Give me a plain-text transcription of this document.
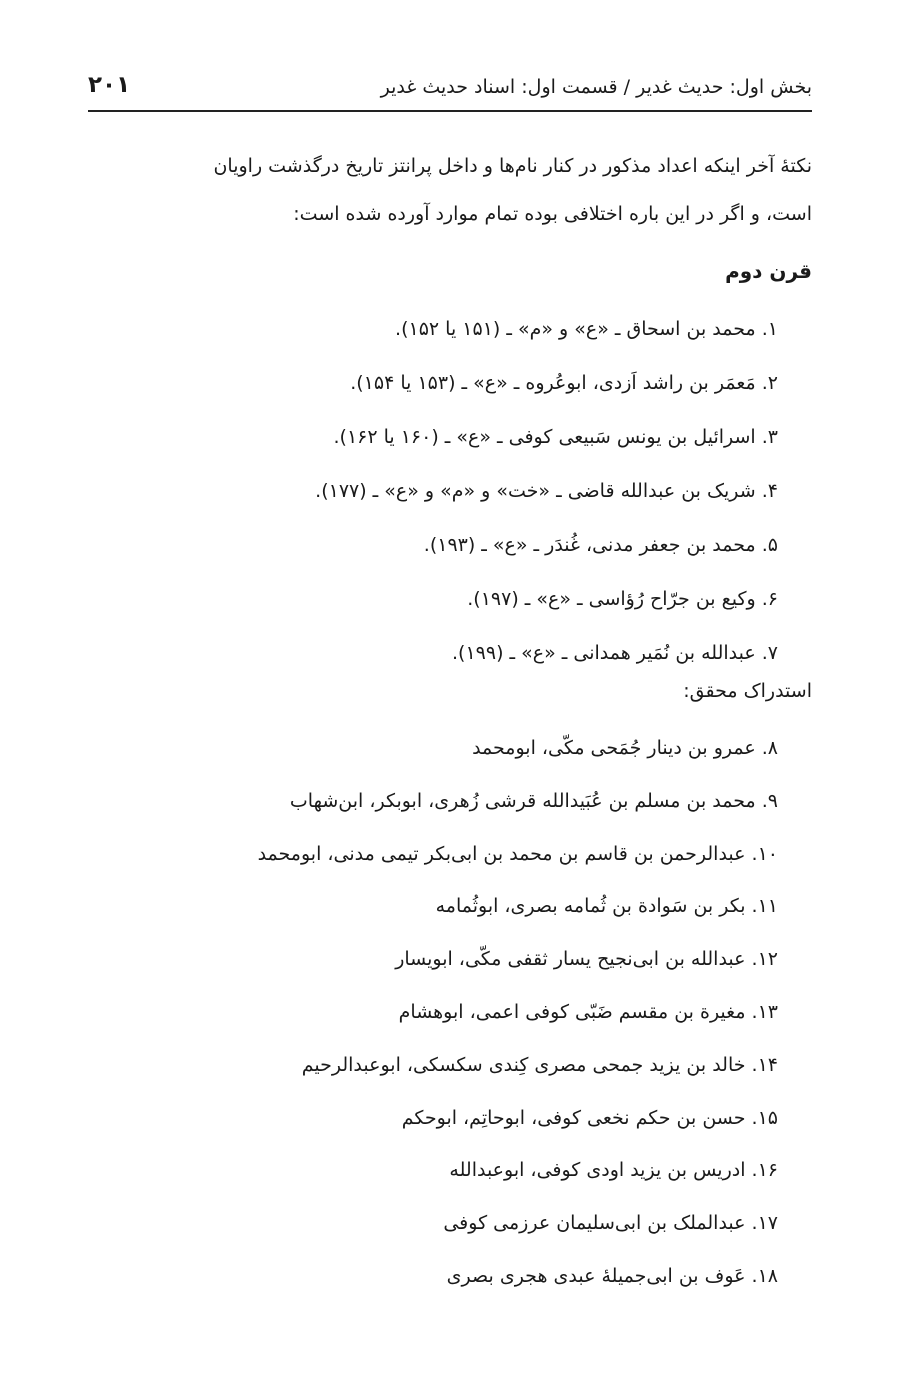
بخش اول: حدیث غدیر / قسمت اول: اسناد حدیث غدیر
۲۰۱

نکتۀ آخر اینکه اعداد مذکور در کنار نام‌ها و داخل پرانتز تاریخ درگذشت راویان
است، و اگر در این باره اختلافی بوده تمام موارد آورده شده است:

قرن دوم
۱. محمد بن اسحاق ـ «ع» و «م» ـ (۱۵۱ یا ۱۵۲).
۲. مَعمَر بن راشد اَزدی، ابوعُروه ـ «ع» ـ (۱۵۳ یا ۱۵۴).
۳. اسرائیل بن یونس سَبیعی کوفی ـ «ع» ـ (۱۶۰ یا ۱۶۲).
۴. شریک بن عبدالله قاضی ـ «خت» و «م» و «ع» ـ (۱۷۷).
۵. محمد بن جعفر مدنی، غُندَر ـ «ع» ـ (۱۹۳).
۶. وکیع بن جرّاح رُؤاسی ـ «ع» ـ (۱۹۷).
۷. عبدالله بن نُمَیر همدانی ـ «ع» ـ (۱۹۹).
استدراک محقق:
۸. عمرو بن دینار جُمَحی مکّی، ابومحمد
۹. محمد بن مسلم بن عُبَیدالله قرشی زُهری، ابوبکر، ابن‌شهاب
۱۰. عبدالرحمن بن قاسم بن محمد بن ابی‌بکر تیمی مدنی، ابومحمد
۱۱. بکر بن سَوادة بن ثُمامه بصری، ابوثُمامه
۱۲. عبدالله بن ابی‌نجیح یسار ثقفی مکّی، ابویسار
۱۳. مغیرة بن مقسم ضَبّی کوفی اعمی، ابوهشام
۱۴. خالد بن یزید جمحی مصری کِندی سکسکی، ابوعبدالرحیم
۱۵. حسن بن حکم نخعی کوفی، ابوحاتِم، ابوحکم
۱۶. ادریس بن یزید اودی کوفی، ابوعبدالله
۱۷. عبدالملک بن ابی‌سلیمان عرزمی کوفی
۱۸. عَوف بن ابی‌جمیلۀ عبدی هجری بصری
